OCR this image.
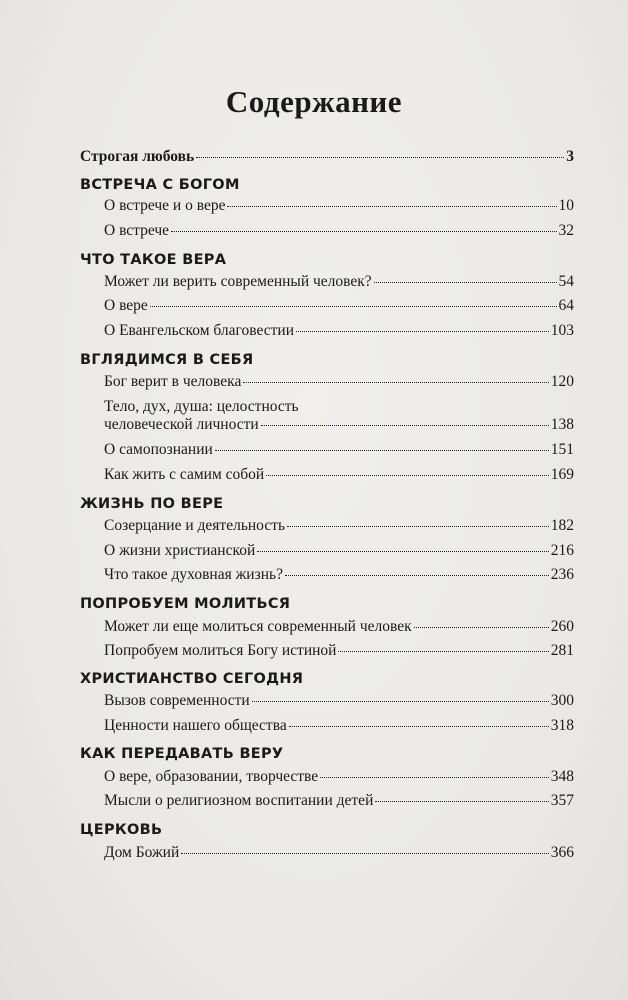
Содержание
Строгая любовь	3
ВСТРЕЧА С БОГОМ
О встрече и о вере	10
О встрече	32
ЧТО ТАКОЕ ВЕРА
Может ли верить современный человек?	54
О вере	64
О Евангельском благовестии	103
ВГЛЯДИМСЯ В СЕБЯ
Бог верит в человека	120
Тело, дух, душа: целостность
человеческой личности	138
О самопознании	151
Как жить с самим собой	169
ЖИЗНЬ ПО ВЕРЕ
Созерцание и деятельность	182
О жизни христианской	216
Что такое духовная жизнь?	236
ПОПРОБУЕМ МОЛИТЬСЯ
Может ли еще молиться современный человек	260
Попробуем молиться Богу истиной	281
ХРИСТИАНСТВО СЕГОДНЯ
Вызов современности	300
Ценности нашего общества	318
КАК ПЕРЕДАВАТЬ ВЕРУ
О вере, образовании, творчестве	348
Мысли о религиозном воспитании детей	357
ЦЕРКОВЬ
Дом Божий	366
